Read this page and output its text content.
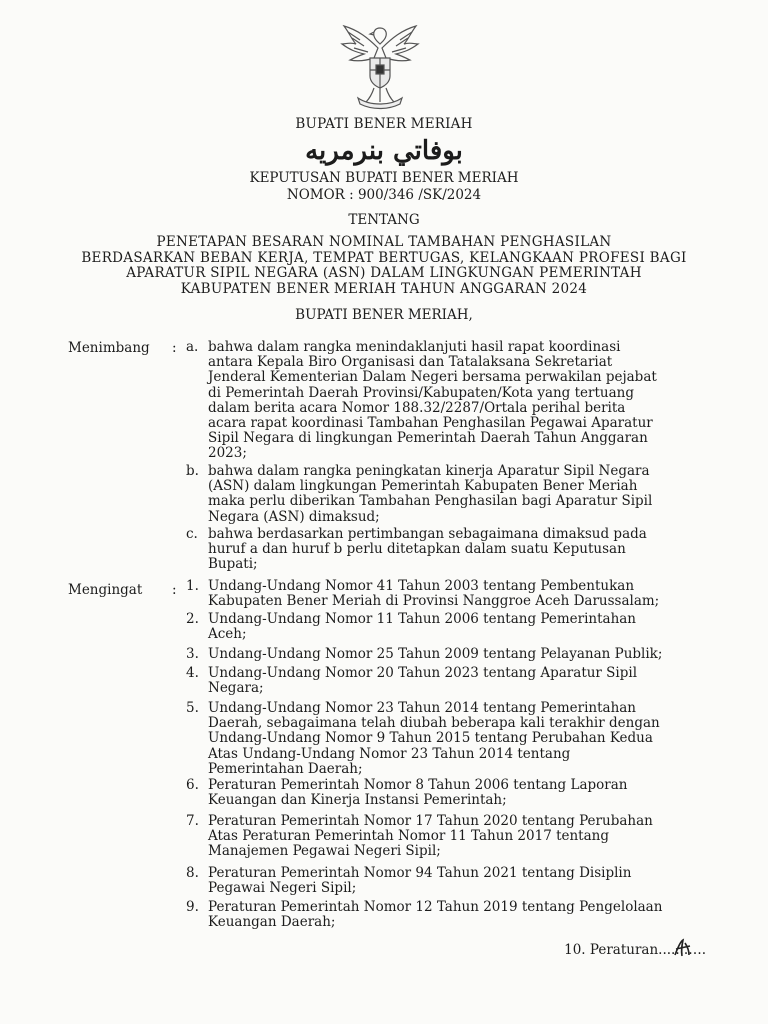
BUPATI BENER MERIAH
بوفاتي بنرمريه
KEPUTUSAN BUPATI BENER MERIAH
NOMOR : 900/346 /SK/2024
TENTANG
PENETAPAN BESARAN NOMINAL TAMBAHAN PENGHASILAN
BERDASARKAN BEBAN KERJA, TEMPAT BERTUGAS, KELANGKAAN PROFESI BAGI
APARATUR SIPIL NEGARA (ASN) DALAM LINGKUNGAN PEMERINTAH
KABUPATEN BENER MERIAH TAHUN ANGGARAN 2024
BUPATI BENER MERIAH,
Menimbang : a. bahwa dalam rangka menindaklanjuti hasil rapat koordinasi
antara Kepala Biro Organisasi dan Tatalaksana Sekretariat
Jenderal Kementerian Dalam Negeri bersama perwakilan pejabat
di Pemerintah Daerah Provinsi/Kabupaten/Kota yang tertuang
dalam berita acara Nomor 188.32/2287/Ortala perihal berita
acara rapat koordinasi Tambahan Penghasilan Pegawai Aparatur
Sipil Negara di lingkungan Pemerintah Daerah Tahun Anggaran
2023;
b. bahwa dalam rangka peningkatan kinerja Aparatur Sipil Negara
(ASN) dalam lingkungan Pemerintah Kabupaten Bener Meriah
maka perlu diberikan Tambahan Penghasilan bagi Aparatur Sipil
Negara (ASN) dimaksud;
c. bahwa berdasarkan pertimbangan sebagaimana dimaksud pada
huruf a dan huruf b perlu ditetapkan dalam suatu Keputusan
Bupati;
Mengingat : 1. Undang-Undang Nomor 41 Tahun 2003 tentang Pembentukan
Kabupaten Bener Meriah di Provinsi Nanggroe Aceh Darussalam;
2. Undang-Undang Nomor 11 Tahun 2006 tentang Pemerintahan
Aceh;
3. Undang-Undang Nomor 25 Tahun 2009 tentang Pelayanan Publik;
4. Undang-Undang Nomor 20 Tahun 2023 tentang Aparatur Sipil
Negara;
5. Undang-Undang Nomor 23 Tahun 2014 tentang Pemerintahan
Daerah, sebagaimana telah diubah beberapa kali terakhir dengan
Undang-Undang Nomor 9 Tahun 2015 tentang Perubahan Kedua
Atas Undang-Undang Nomor 23 Tahun 2014 tentang
Pemerintahan Daerah;
6. Peraturan Pemerintah Nomor 8 Tahun 2006 tentang Laporan
Keuangan dan Kinerja Instansi Pemerintah;
7. Peraturan Pemerintah Nomor 17 Tahun 2020 tentang Perubahan
Atas Peraturan Pemerintah Nomor 11 Tahun 2017 tentang
Manajemen Pegawai Negeri Sipil;
8. Peraturan Pemerintah Nomor 94 Tahun 2021 tentang Disiplin
Pegawai Negeri Sipil;
9. Peraturan Pemerintah Nomor 12 Tahun 2019 tentang Pengelolaan
Keuangan Daerah;
10. Peraturan.......….
